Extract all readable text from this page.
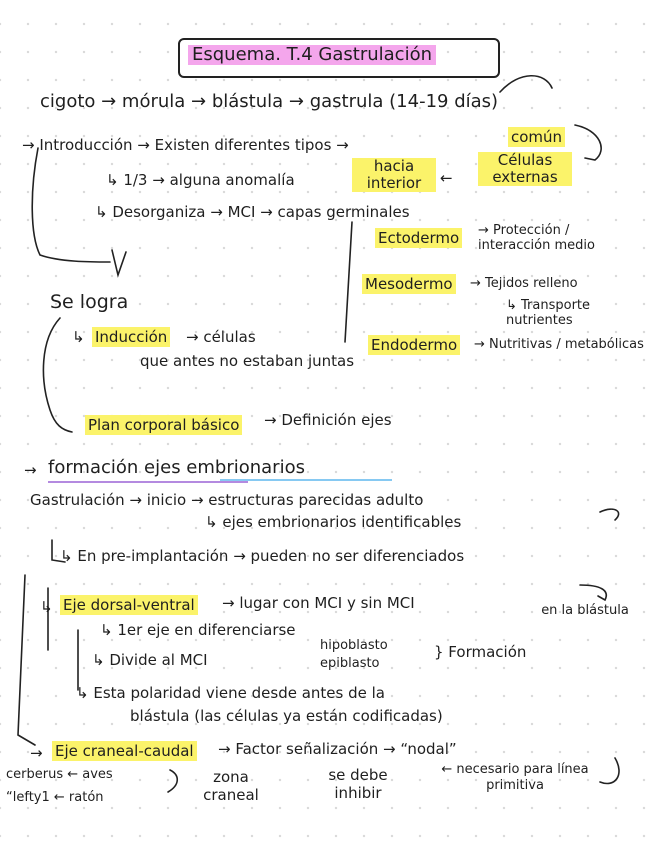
Esquema. T.4 Gastrulación
cigoto → mórula → blástula → gastrula (14-19 días)
→ Introducción → Existen diferentes tipos →	común
Células externas
↳ 1/3 → alguna anomalía
hacia interior	←
↳ Desorganiza → MCI → capas germinales
Ectodermo → Protección / interacción medio
Mesodermo → Tejidos relleno
↳ Transporte nutrientes
Endodermo → Nutritivas / metabólicas
Se logra
↳ Inducción → células
que antes no estaban juntas
Plan corporal básico → Definición ejes
→ formación ejes embrionarios
Gastrulación → inicio → estructuras parecidas adulto
↳ ejes embrionarios identificables
↳ En pre-implantación → pueden no ser diferenciados
↳ Eje dorsal-ventral → lugar con MCI y sin MCI	en la blástula
↳ 1er eje en diferenciarse
↳ Divide al MCI
hipoblasto
epiblasto
} Formación
↳ Esta polaridad viene desde antes de la
blástula (las células ya están codificadas)
→ Eje craneal-caudal → Factor señalización → “nodal”
cerberus ← aves
“lefty1 ← ratón
zona craneal
se debe inhibir
← necesario para línea primitiva
